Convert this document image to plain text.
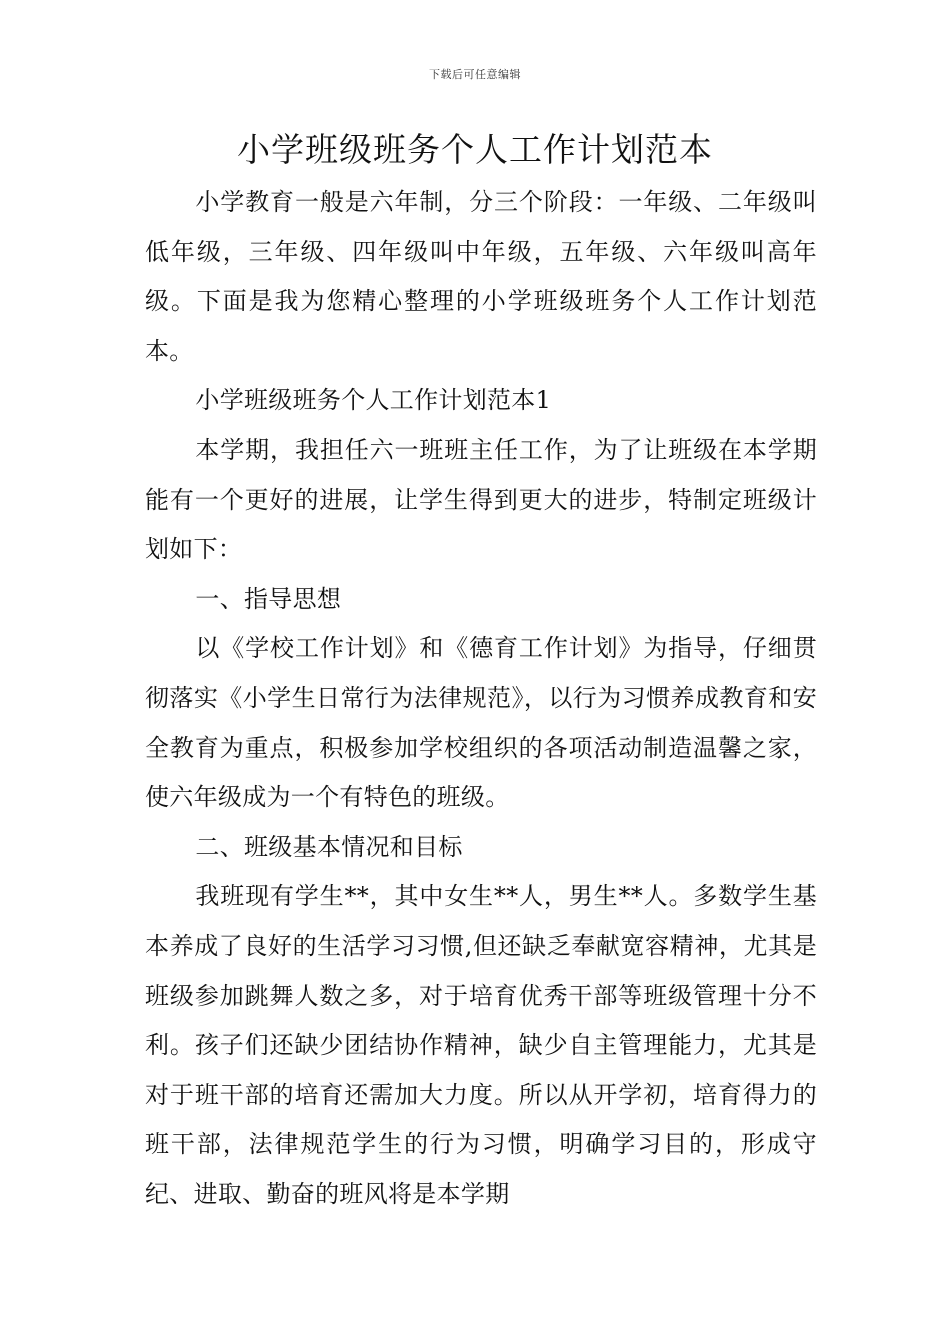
下载后可任意编辑
小学班级班务个人工作计划范本

小学教育一般是六年制，分三个阶段：一年级、二年级叫低年级，三年级、四年级叫中年级，五年级、六年级叫高年级。下面是我为您精心整理的小学班级班务个人工作计划范本。

小学班级班务个人工作计划范本1

本学期，我担任六一班班主任工作，为了让班级在本学期能有一个更好的进展，让学生得到更大的进步，特制定班级计划如下：

一、指导思想

以《学校工作计划》和《德育工作计划》为指导，仔细贯彻落实《小学生日常行为法律规范》，以行为习惯养成教育和安全教育为重点，积极参加学校组织的各项活动制造温馨之家，使六年级成为一个有特色的班级。

二、班级基本情况和目标

我班现有学生**，其中女生**人，男生**人。多数学生基本养成了良好的生活学习习惯,但还缺乏奉献宽容精神，尤其是班级参加跳舞人数之多，对于培育优秀干部等班级管理十分不利。孩子们还缺少团结协作精神，缺少自主管理能力，尤其是对于班干部的培育还需加大力度。所以从开学初，培育得力的班干部，法律规范学生的行为习惯，明确学习目的，形成守纪、进取、勤奋的班风将是本学期
